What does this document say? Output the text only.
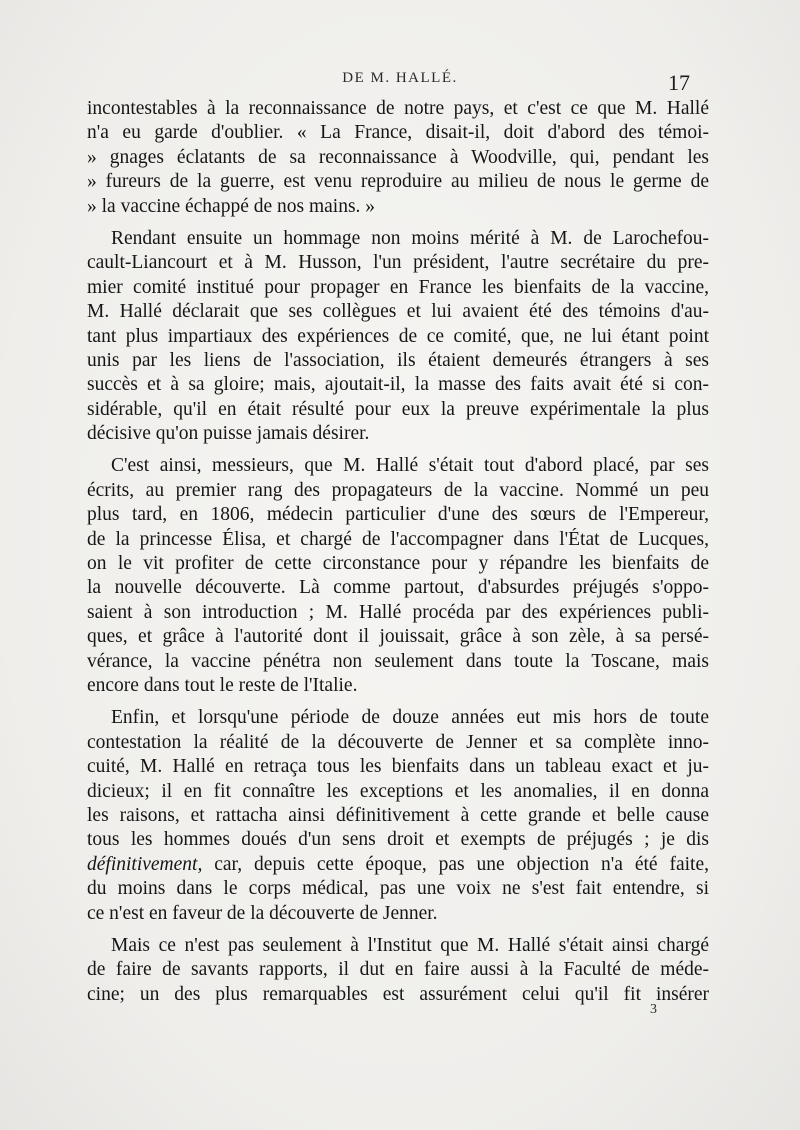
DE M. HALLÉ.	17
incontestables à la reconnaissance de notre pays, et c'est ce que M. Hallé
n'a eu garde d'oublier. « La France, disait-il, doit d'abord des témoi-
» gnages éclatants de sa reconnaissance à Woodville, qui, pendant les
» fureurs de la guerre, est venu reproduire au milieu de nous le germe de
» la vaccine échappé de nos mains. »
Rendant ensuite un hommage non moins mérité à M. de Larochefou-
cault-Liancourt et à M. Husson, l'un président, l'autre secrétaire du pre-
mier comité institué pour propager en France les bienfaits de la vaccine,
M. Hallé déclarait que ses collègues et lui avaient été des témoins d'au-
tant plus impartiaux des expériences de ce comité, que, ne lui étant point
unis par les liens de l'association, ils étaient demeurés étrangers à ses
succès et à sa gloire; mais, ajoutait-il, la masse des faits avait été si con-
sidérable, qu'il en était résulté pour eux la preuve expérimentale la plus
décisive qu'on puisse jamais désirer.
C'est ainsi, messieurs, que M. Hallé s'était tout d'abord placé, par ses
écrits, au premier rang des propagateurs de la vaccine. Nommé un peu
plus tard, en 1806, médecin particulier d'une des sœurs de l'Empereur,
de la princesse Élisa, et chargé de l'accompagner dans l'État de Lucques,
on le vit profiter de cette circonstance pour y répandre les bienfaits de
la nouvelle découverte. Là comme partout, d'absurdes préjugés s'oppo-
saient à son introduction ; M. Hallé procéda par des expériences publi-
ques, et grâce à l'autorité dont il jouissait, grâce à son zèle, à sa persé-
vérance, la vaccine pénétra non seulement dans toute la Toscane, mais
encore dans tout le reste de l'Italie.
Enfin, et lorsqu'une période de douze années eut mis hors de toute
contestation la réalité de la découverte de Jenner et sa complète inno-
cuité, M. Hallé en retraça tous les bienfaits dans un tableau exact et ju-
dicieux; il en fit connaître les exceptions et les anomalies, il en donna
les raisons, et rattacha ainsi définitivement à cette grande et belle cause
tous les hommes doués d'un sens droit et exempts de préjugés ; je dis
définitivement, car, depuis cette époque, pas une objection n'a été faite,
du moins dans le corps médical, pas une voix ne s'est fait entendre, si
ce n'est en faveur de la découverte de Jenner.
Mais ce n'est pas seulement à l'Institut que M. Hallé s'était ainsi chargé
de faire de savants rapports, il dut en faire aussi à la Faculté de méde-
cine; un des plus remarquables est assurément celui qu'il fit insérer
3
